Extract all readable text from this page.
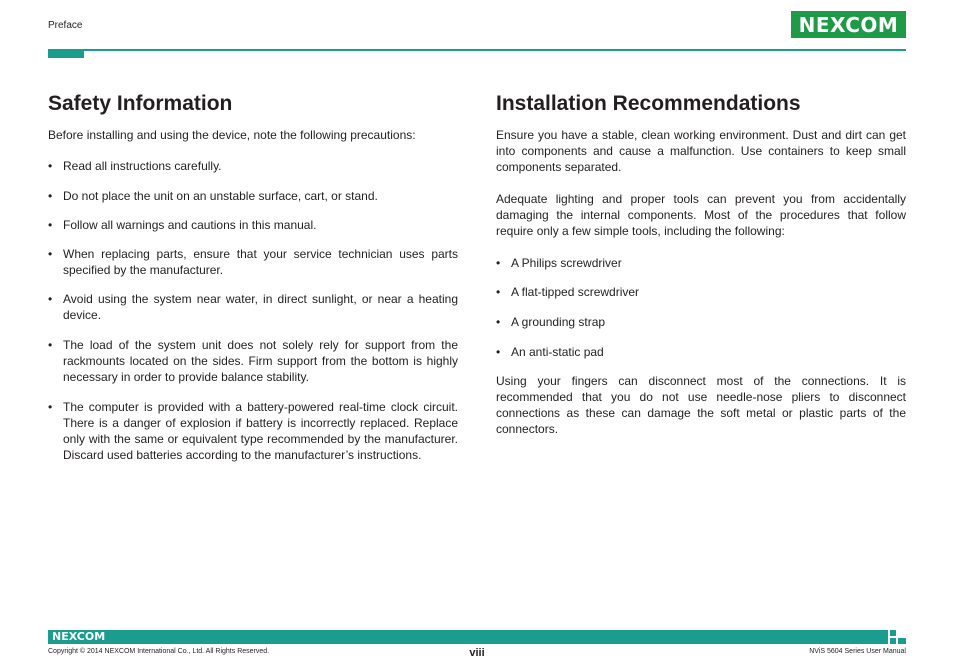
Preface	NEXCOM
Safety Information

Before installing and using the device, note the following precautions:

• Read all instructions carefully.
• Do not place the unit on an unstable surface, cart, or stand.
• Follow all warnings and cautions in this manual.
• When replacing parts, ensure that your service technician uses parts specified by the manufacturer.
• Avoid using the system near water, in direct sunlight, or near a heating device.
• The load of the system unit does not solely rely for support from the rackmounts located on the sides. Firm support from the bottom is highly necessary in order to provide balance stability.
• The computer is provided with a battery-powered real-time clock circuit. There is a danger of explosion if battery is incorrectly replaced. Replace only with the same or equivalent type recommended by the manufacturer. Discard used batteries according to the manufacturer’s instructions.
Installation Recommendations

Ensure you have a stable, clean working environment. Dust and dirt can get into components and cause a malfunction. Use containers to keep small components separated.

Adequate lighting and proper tools can prevent you from accidentally damaging the internal components. Most of the procedures that follow require only a few simple tools, including the following:

• A Philips screwdriver
• A flat-tipped screwdriver
• A grounding strap
• An anti-static pad

Using your fingers can disconnect most of the connections. It is recommended that you do not use needle-nose pliers to disconnect connections as these can damage the soft metal or plastic parts of the connectors.

NEXCOM
Copyright © 2014 NEXCOM International Co., Ltd. All Rights Reserved.	viii	NViS 5604 Series User Manual
